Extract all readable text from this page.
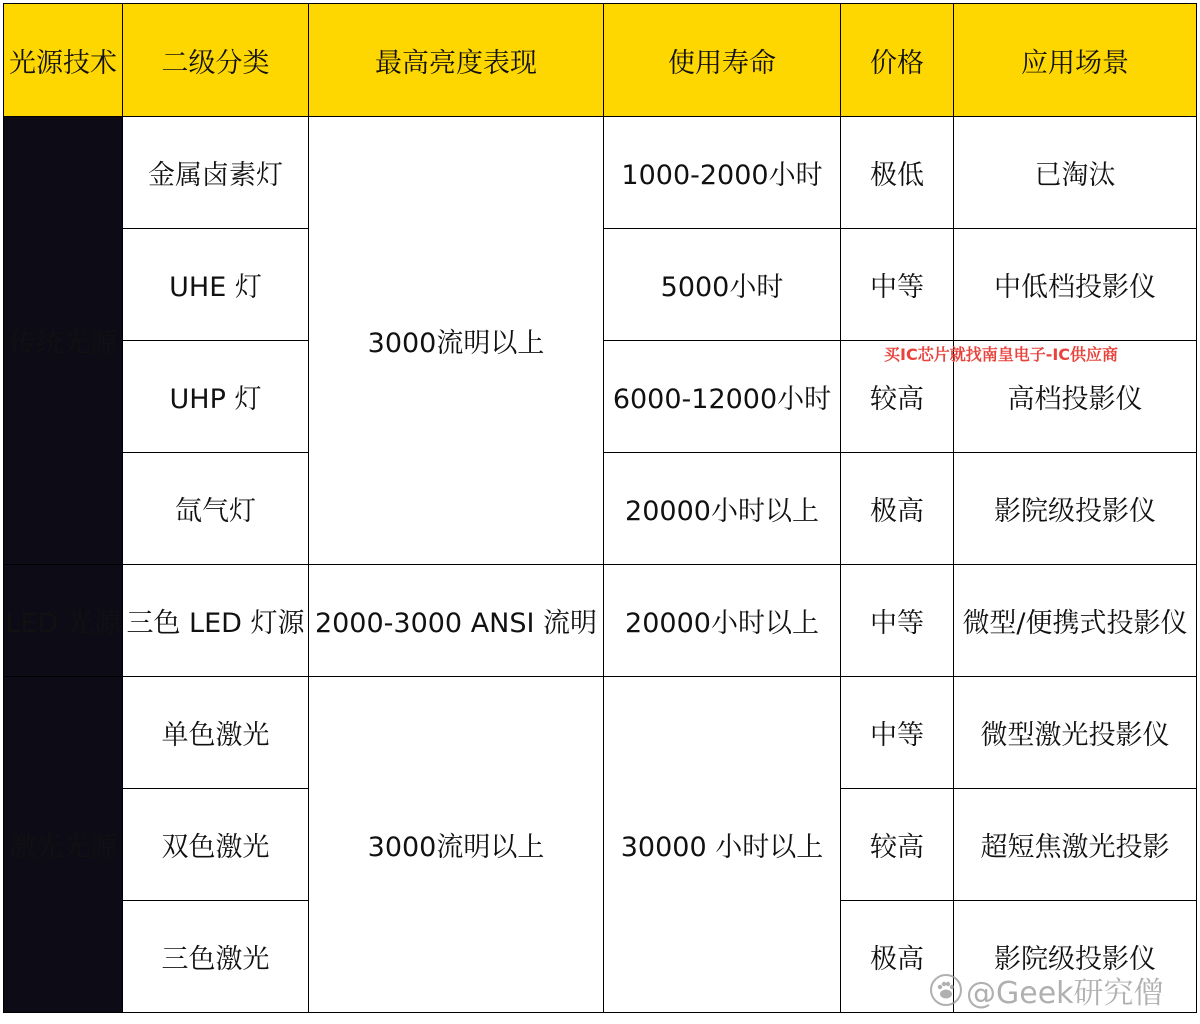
光源技术	二级分类	最高亮度表现	使用寿命	价格	应用场景
传统光源	金属卤素灯	3000流明以上	1000-2000小时	极低	已淘汰
	UHE 灯		5000小时	中等	中低档投影仪
	UHP 灯		6000-12000小时	较高	高档投影仪
	氙气灯		20000小时以上	极高	影院级投影仪
LED 光源	三色 LED 灯源	2000-3000 ANSI 流明	20000小时以上	中等	微型/便携式投影仪
激光光源	单色激光	3000流明以上	30000 小时以上	中等	微型激光投影仪
	双色激光			较高	超短焦激光投影
	三色激光			极高	影院级投影仪
买IC芯片就找南皇电子-IC供应商
@Geek研究僧
